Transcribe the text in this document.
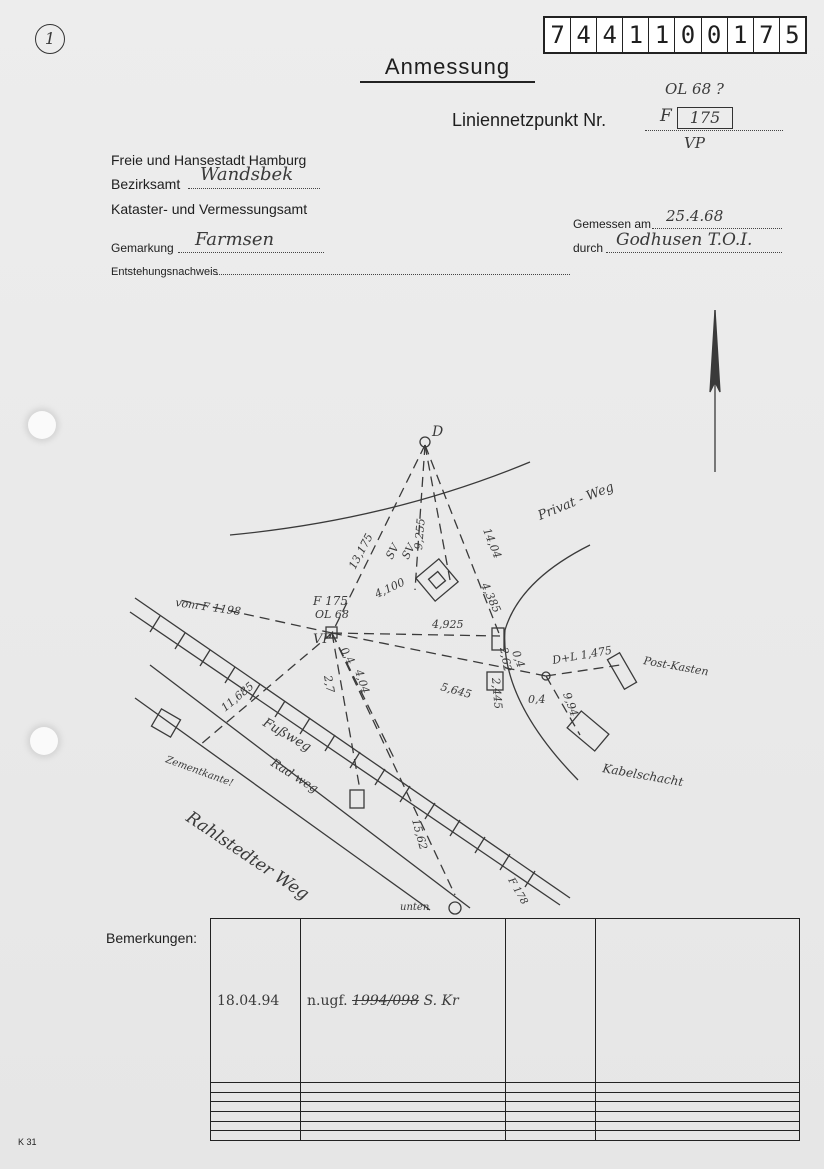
1	7 4 4 1 1 0 0 1 7 5
Anmessung
OL 68 ?
Liniennetzpunkt Nr.	F	175
VP
Freie und Hansestadt Hamburg
Bezirksamt Wandsbek
Kataster- und Vermessungsamt
Gemarkung Farmsen
Entstehungsnachweis
Gemessen am 25.4.68
durch Godhusen T.O.I.
D
F 175
OL 68
VP
vom F 1198
Privat - Weg
Post-Kasten
Kabelschacht
Fußweg
Rad weg
Rahlstedter Weg
Zementkante!
unten
F 178
13,175 SV
SV
9,255	14,04
4,100	4,385
4,925
D+L 1,475
0,4
0,4
0,4
2,7 4,04
11,685	5,645
2,62
2,445	9,94
15,62
Bemerkungen:
18.04.94	n.ugf. 1994/098 S. Kr		

K 31
